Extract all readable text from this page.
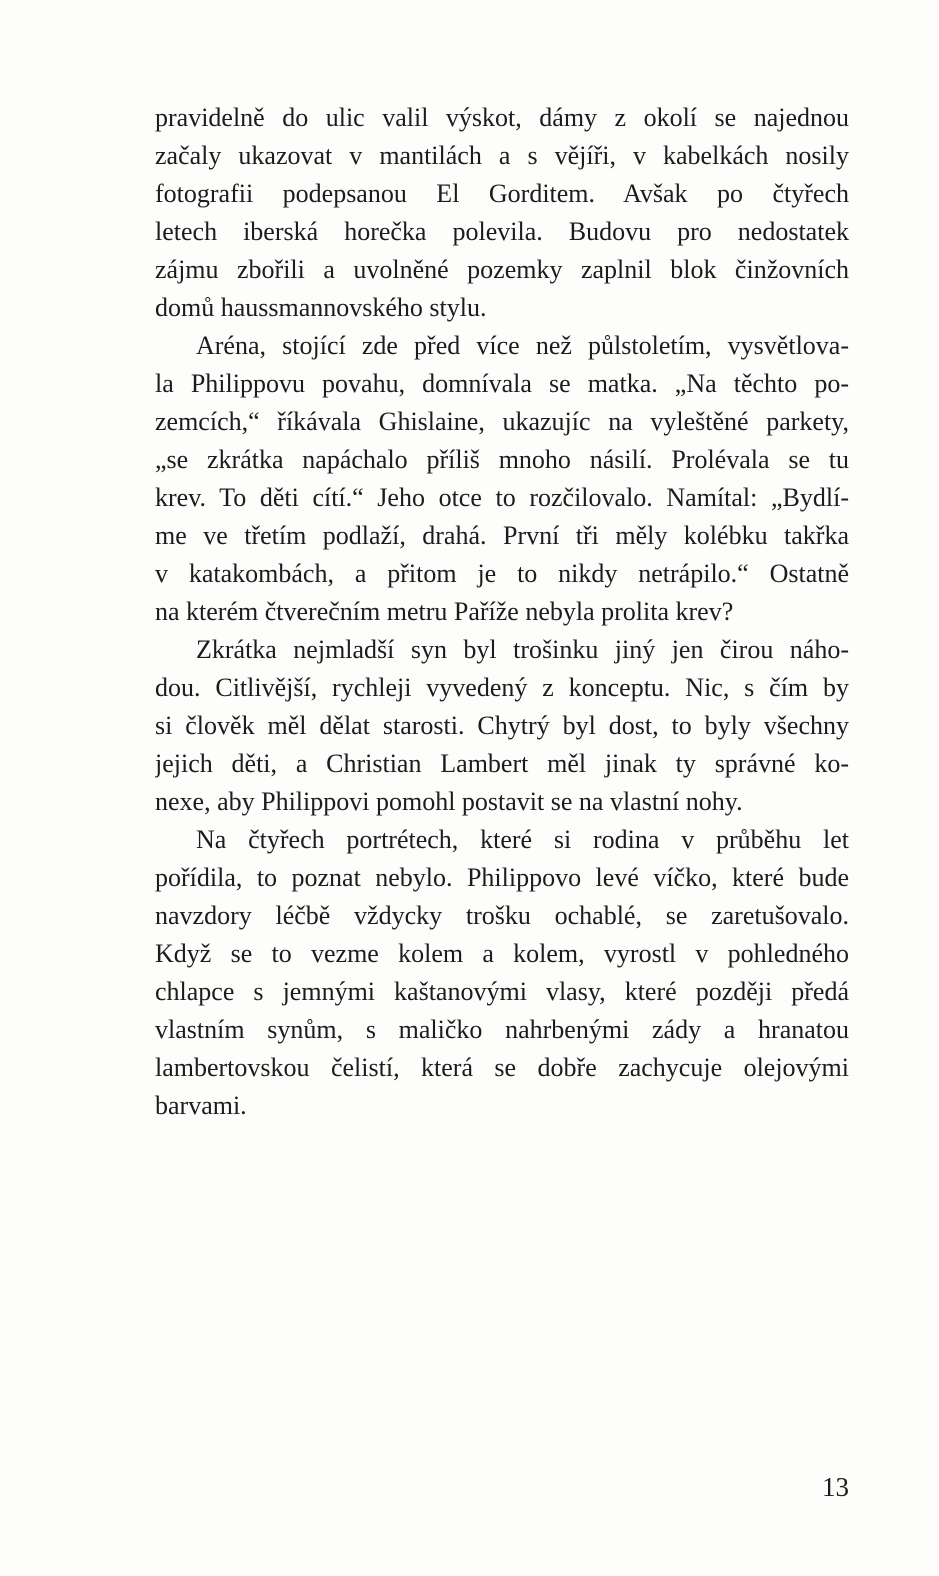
pravidelně do ulic valil výskot, dámy z okolí se najednou
začaly ukazovat v mantilách a s vějíři, v kabelkách nosily
fotografii podepsanou El Gorditem. Avšak po čtyřech
letech iberská horečka polevila. Budovu pro nedostatek
zájmu zbořili a uvolněné pozemky zaplnil blok činžovních
domů haussmannovského stylu.
Aréna, stojící zde před více než půlstoletím, vysvětlova-
la Philippovu povahu, domnívala se matka. „Na těchto po-
zemcích,“ říkávala Ghislaine, ukazujíc na vyleštěné parkety,
„se zkrátka napáchalo příliš mnoho násilí. Prolévala se tu
krev. To děti cítí.“ Jeho otce to rozčilovalo. Namítal: „Bydlí-
me ve třetím podlaží, drahá. První tři měly kolébku takřka
v katakombách, a přitom je to nikdy netrápilo.“ Ostatně
na kterém čtverečním metru Paříže nebyla prolita krev?
Zkrátka nejmladší syn byl trošinku jiný jen čirou náho-
dou. Citlivější, rychleji vyvedený z konceptu. Nic, s čím by
si člověk měl dělat starosti. Chytrý byl dost, to byly všechny
jejich děti, a Christian Lambert měl jinak ty správné ko-
nexe, aby Philippovi pomohl postavit se na vlastní nohy.
Na čtyřech portrétech, které si rodina v průběhu let
pořídila, to poznat nebylo. Philippovo levé víčko, které bude
navzdory léčbě vždycky trošku ochablé, se zaretušovalo.
Když se to vezme kolem a kolem, vyrostl v pohledného
chlapce s jemnými kaštanovými vlasy, které později předá
vlastním synům, s maličko nahrbenými zády a hranatou
lambertovskou čelistí, která se dobře zachycuje olejovými
barvami.
13
